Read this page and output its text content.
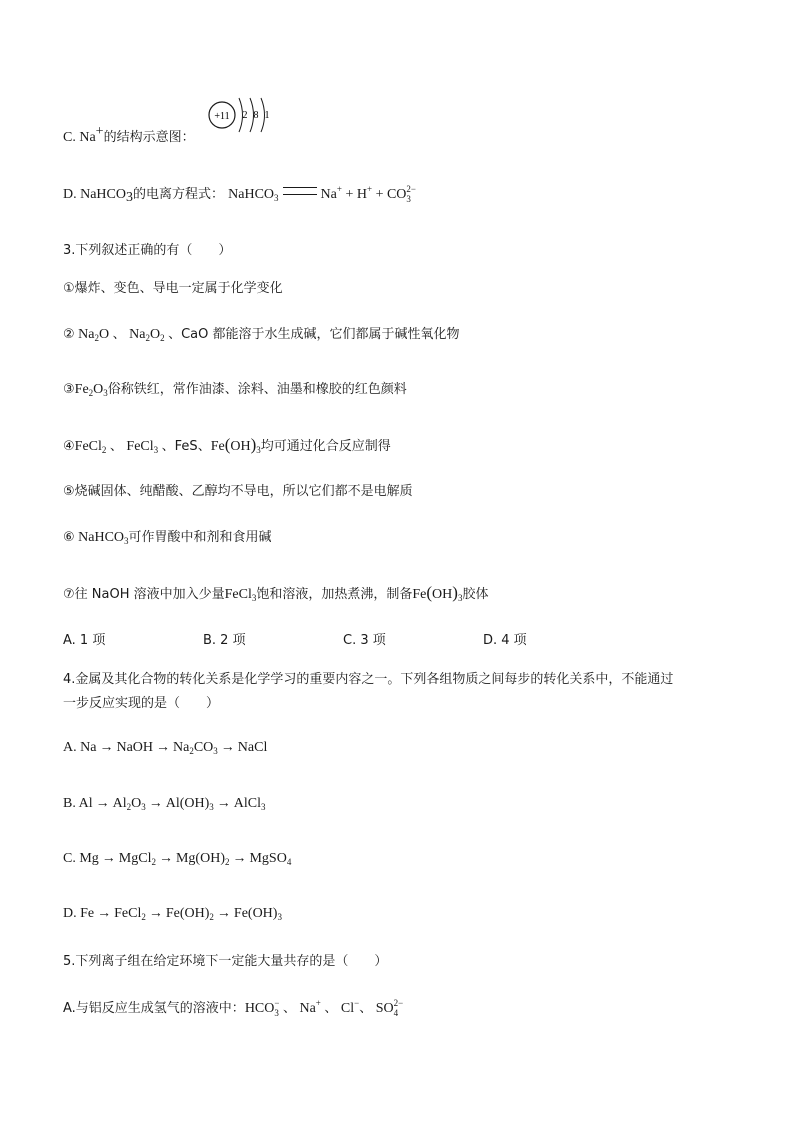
C. Na+的结构示意图：
+11 2 8 1
D. NaHCO$_3$的电离方程式： NaHCO$_3$	Na+ + H+ + CO 2−
3
3.下列叙述正确的有（　　）
①爆炸、变色、导电一定属于化学变化
② $Na_2O$ 、 $Na_2O_2$ 、CaO 都能溶于水生成碱，它们都属于碱性氧化物
$③Fe_2O_3$俗称铁红，常作油漆、涂料、油墨和橡胶的红色颜料
④FeCl$_2$ 、 FeCl$_3$ 、FeS、$Fe(OH)_3$均可通过化合反应制得
⑤烧碱固体、纯醋酸、乙醇均不导电，所以它们都不是电解质
⑥ NaHCO$_3$可作胃酸中和剂和食用碱
⑦往 NaOH 溶液中加入少量FeCl$_3$饱和溶液，加热煮沸，制备$Fe(OH)_3$胶体
A. 1 项	B. 2 项	C. 3 项	D. 4 项
4.金属及其化合物的转化关系是化学学习的重要内容之一。下列各组物质之间每步的转化关系中，不能通过
一步反应实现的是（　　）
A. Na → NaOH → $Na_2CO_3$ → NaCl
B. $Al \to Al_2O_3 \to Al(OH)_3$ → AlCl$_3$
C. Mg → MgCl$_2$ → $Mg(OH)_2$ → MgSO$_4$
D. Fe → FeCl$_2$ → $Fe(OH)_2 \to Fe(OH)_3$
5.下列离子组在给定环境下一定能大量共存的是（　　）
A.与铝反应生成氢气的溶液中：HCO −
3 、 Na+ 、 Cl−、 SO 2−
4
